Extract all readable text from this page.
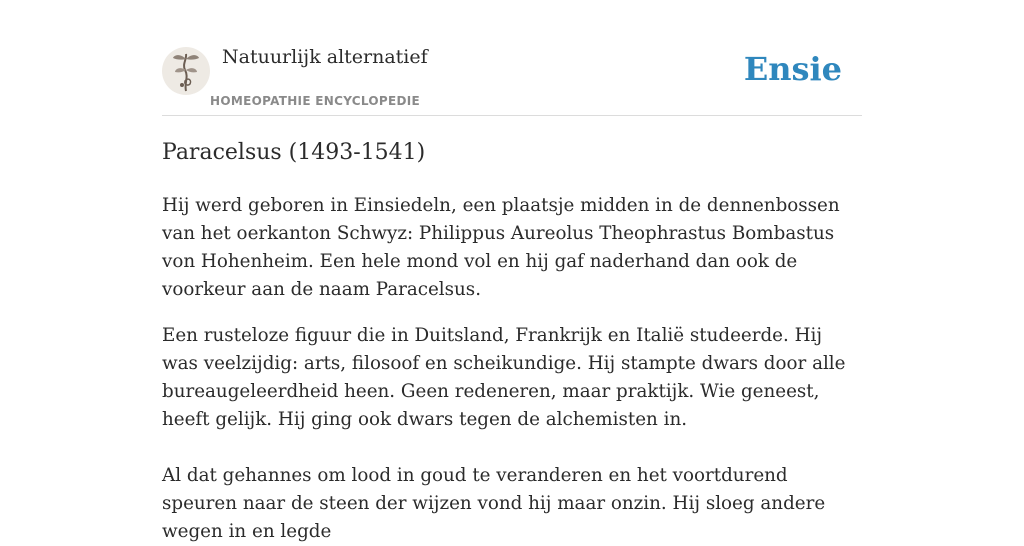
Natuurlijk alternatief
HOMEOPATHIE ENCYCLOPEDIE
Ensie
Paracelsus (1493-1541)

Hij werd geboren in Einsiedeln, een plaatsje midden in de dennenbossen van het oerkanton Schwyz: Philippus Aureolus Theophrastus Bombastus von Hohenheim. Een hele mond vol en hij gaf naderhand dan ook de voorkeur aan de naam Paracelsus.

Een rusteloze figuur die in Duitsland, Frankrijk en Italië studeerde. Hij was veelzijdig: arts, filosoof en scheikundige. Hij stampte dwars door alle bureaugeleerdheid heen. Geen redeneren, maar praktijk. Wie geneest, heeft gelijk. Hij ging ook dwars tegen de alchemisten in.

Al dat gehannes om lood in goud te veranderen en het voortdurend speuren naar de steen der wijzen vond hij maar onzin. Hij sloeg andere wegen in en legde
